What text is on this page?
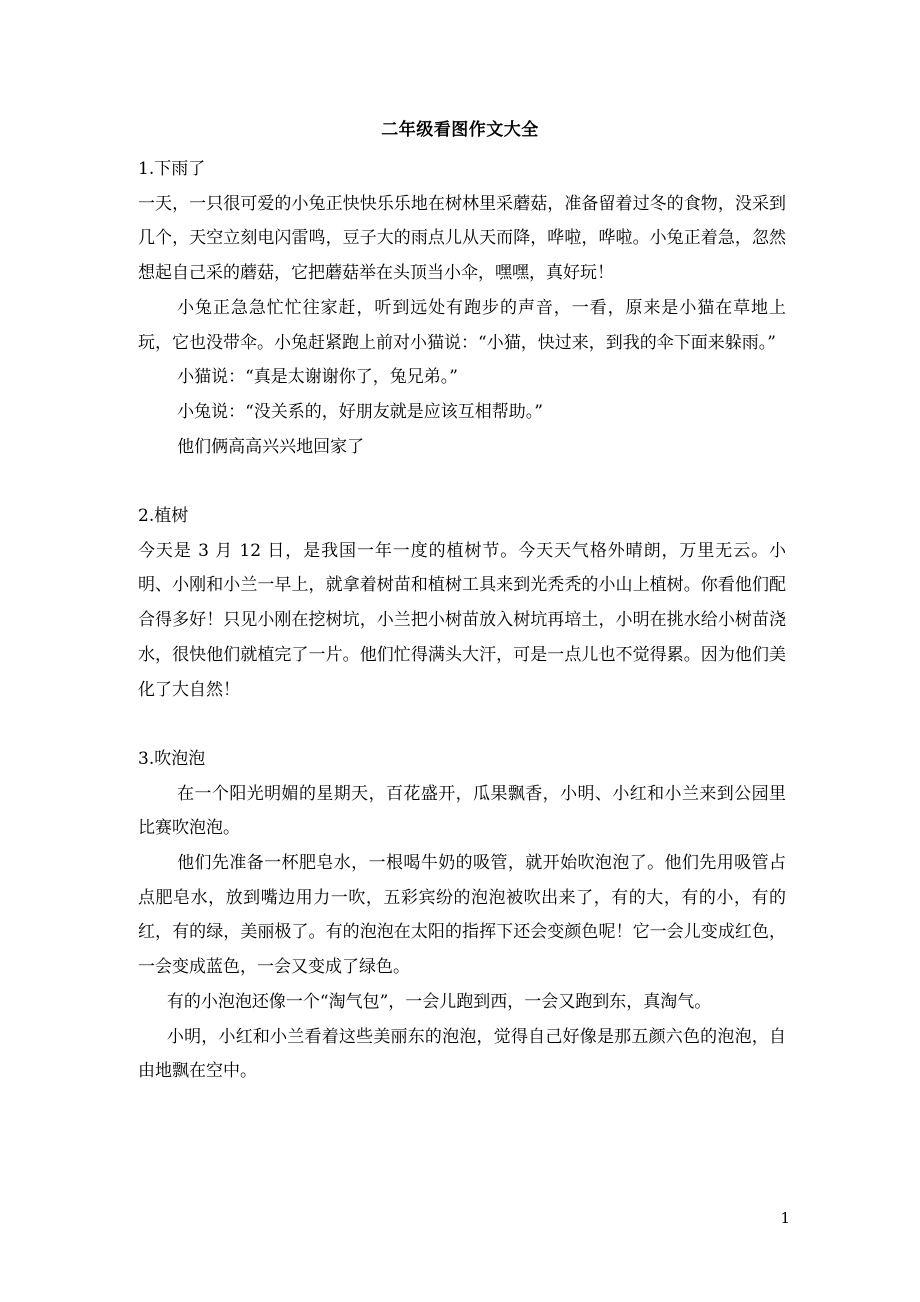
二年级看图作文大全

1.下雨了

一天，一只很可爱的小兔正快快乐乐地在树林里采蘑菇，准备留着过冬的食物，没采到几个，天空立刻电闪雷鸣，豆子大的雨点儿从天而降，哗啦，哗啦。小兔正着急，忽然想起自己采的蘑菇，它把蘑菇举在头顶当小伞，嘿嘿，真好玩！

小兔正急急忙忙往家赶，听到远处有跑步的声音，一看，原来是小猫在草地上玩，它也没带伞。小兔赶紧跑上前对小猫说：“小猫，快过来，到我的伞下面来躲雨。”

小猫说：“真是太谢谢你了，兔兄弟。”

小兔说：“没关系的，好朋友就是应该互相帮助。”

他们俩高高兴兴地回家了

2.植树

今天是 3 月 12 日，是我国一年一度的植树节。今天天气格外晴朗，万里无云。小明、小刚和小兰一早上，就拿着树苗和植树工具来到光秃秃的小山上植树。你看他们配合得多好！只见小刚在挖树坑，小兰把小树苗放入树坑再培土，小明在挑水给小树苗浇水，很快他们就植完了一片。他们忙得满头大汗，可是一点儿也不觉得累。因为他们美化了大自然！

3.吹泡泡

在一个阳光明媚的星期天，百花盛开，瓜果飘香，小明、小红和小兰来到公园里比赛吹泡泡。

他们先准备一杯肥皂水，一根喝牛奶的吸管，就开始吹泡泡了。他们先用吸管占点肥皂水，放到嘴边用力一吹，五彩宾纷的泡泡被吹出来了，有的大，有的小，有的红，有的绿，美丽极了。有的泡泡在太阳的指挥下还会变颜色呢！它一会儿变成红色，一会变成蓝色，一会又变成了绿色。

有的小泡泡还像一个“淘气包”，一会儿跑到西，一会又跑到东，真淘气。

小明，小红和小兰看着这些美丽东的泡泡，觉得自己好像是那五颜六色的泡泡，自由地飘在空中。

1
